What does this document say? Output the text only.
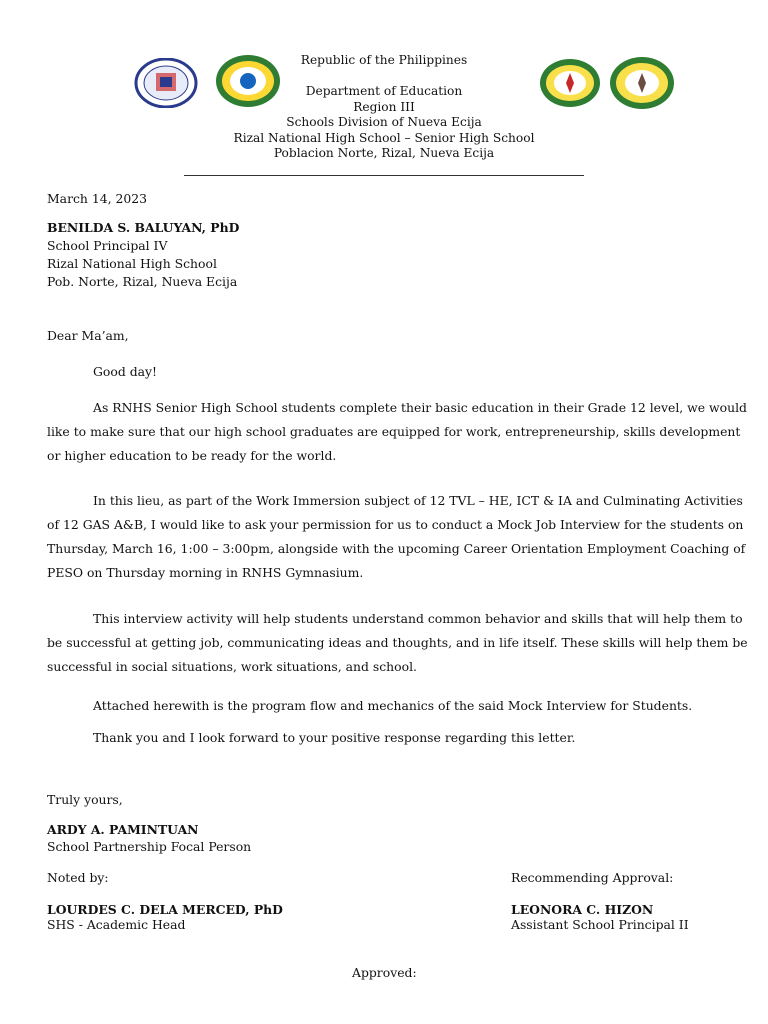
Republic of the Philippines
Department of Education
Region III
Schools Division of Nueva Ecija
Rizal National High School – Senior High School
Poblacion Norte, Rizal, Nueva Ecija
March 14, 2023
BENILDA S. BALUYAN, PhD
School Principal IV
Rizal National High School
Pob. Norte, Rizal, Nueva Ecija
Dear Ma’am,
Good day!
As RNHS Senior High School students complete their basic education in their Grade 12 level, we would
like to make sure that our high school graduates are equipped for work, entrepreneurship, skills development
or higher education to be ready for the world.
In this lieu, as part of the Work Immersion subject of 12 TVL – HE, ICT & IA and Culminating Activities
of 12 GAS A&B, I would like to ask your permission for us to conduct a Mock Job Interview for the students on
Thursday, March 16, 1:00 – 3:00pm, alongside with the upcoming Career Orientation Employment Coaching of
PESO on Thursday morning in RNHS Gymnasium.
This interview activity will help students understand common behavior and skills that will help them to
be successful at getting job, communicating ideas and thoughts, and in life itself. These skills will help them be
successful in social situations, work situations, and school.
Attached herewith is the program flow and mechanics of the said Mock Interview for Students.
Thank you and I look forward to your positive response regarding this letter.
Truly yours,
ARDY A. PAMINTUAN
School Partnership Focal Person
Noted by:
LOURDES C. DELA MERCED, PhD
SHS - Academic Head
Recommending Approval:
LEONORA C. HIZON
Assistant School Principal II
Approved:
